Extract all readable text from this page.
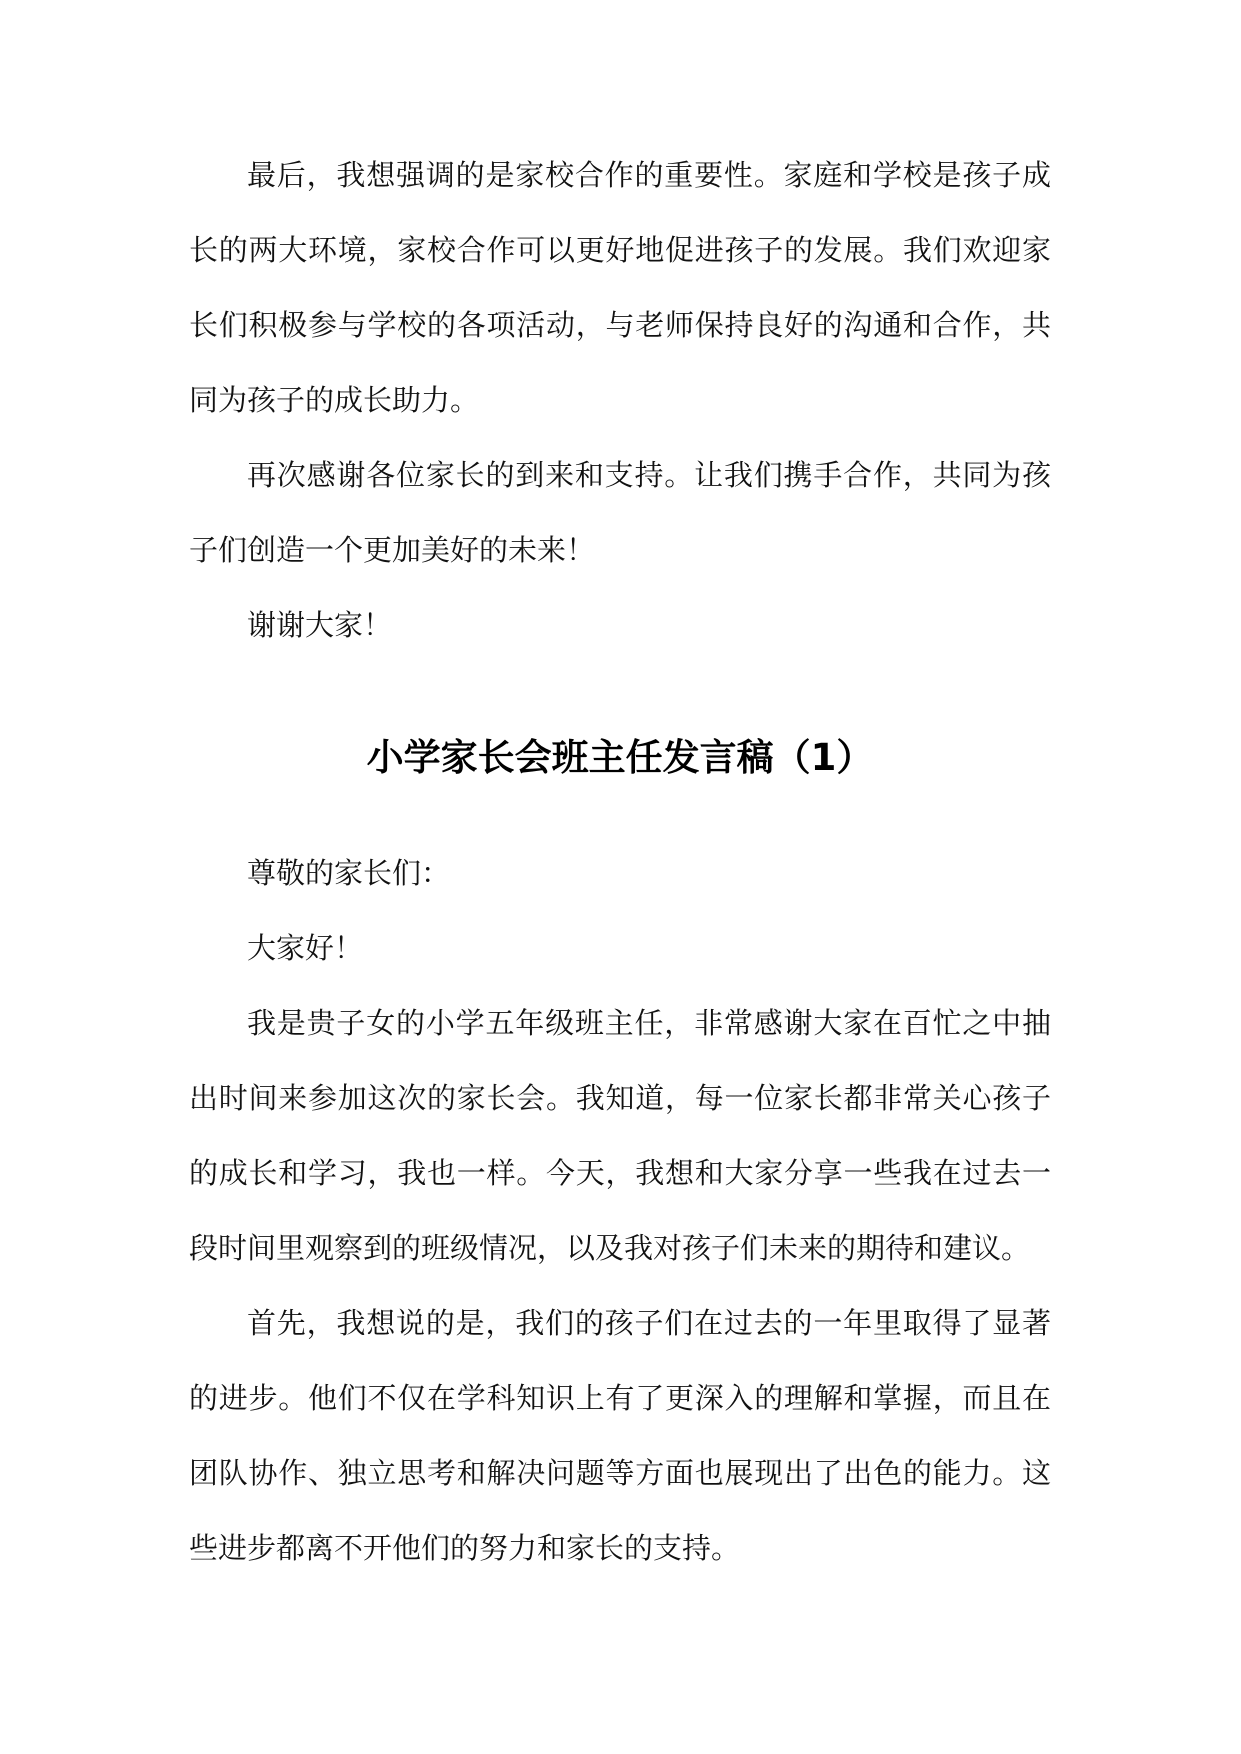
最后，我想强调的是家校合作的重要性。家庭和学校是孩子成长的两大环境，家校合作可以更好地促进孩子的发展。我们欢迎家长们积极参与学校的各项活动，与老师保持良好的沟通和合作，共同为孩子的成长助力。

再次感谢各位家长的到来和支持。让我们携手合作，共同为孩子们创造一个更加美好的未来！

谢谢大家！

小学家长会班主任发言稿（1）

尊敬的家长们：

大家好！

我是贵子女的小学五年级班主任，非常感谢大家在百忙之中抽出时间来参加这次的家长会。我知道，每一位家长都非常关心孩子的成长和学习，我也一样。今天，我想和大家分享一些我在过去一段时间里观察到的班级情况，以及我对孩子们未来的期待和建议。

首先，我想说的是，我们的孩子们在过去的一年里取得了显著的进步。他们不仅在学科知识上有了更深入的理解和掌握，而且在团队协作、独立思考和解决问题等方面也展现出了出色的能力。这些进步都离不开他们的努力和家长的支持。
